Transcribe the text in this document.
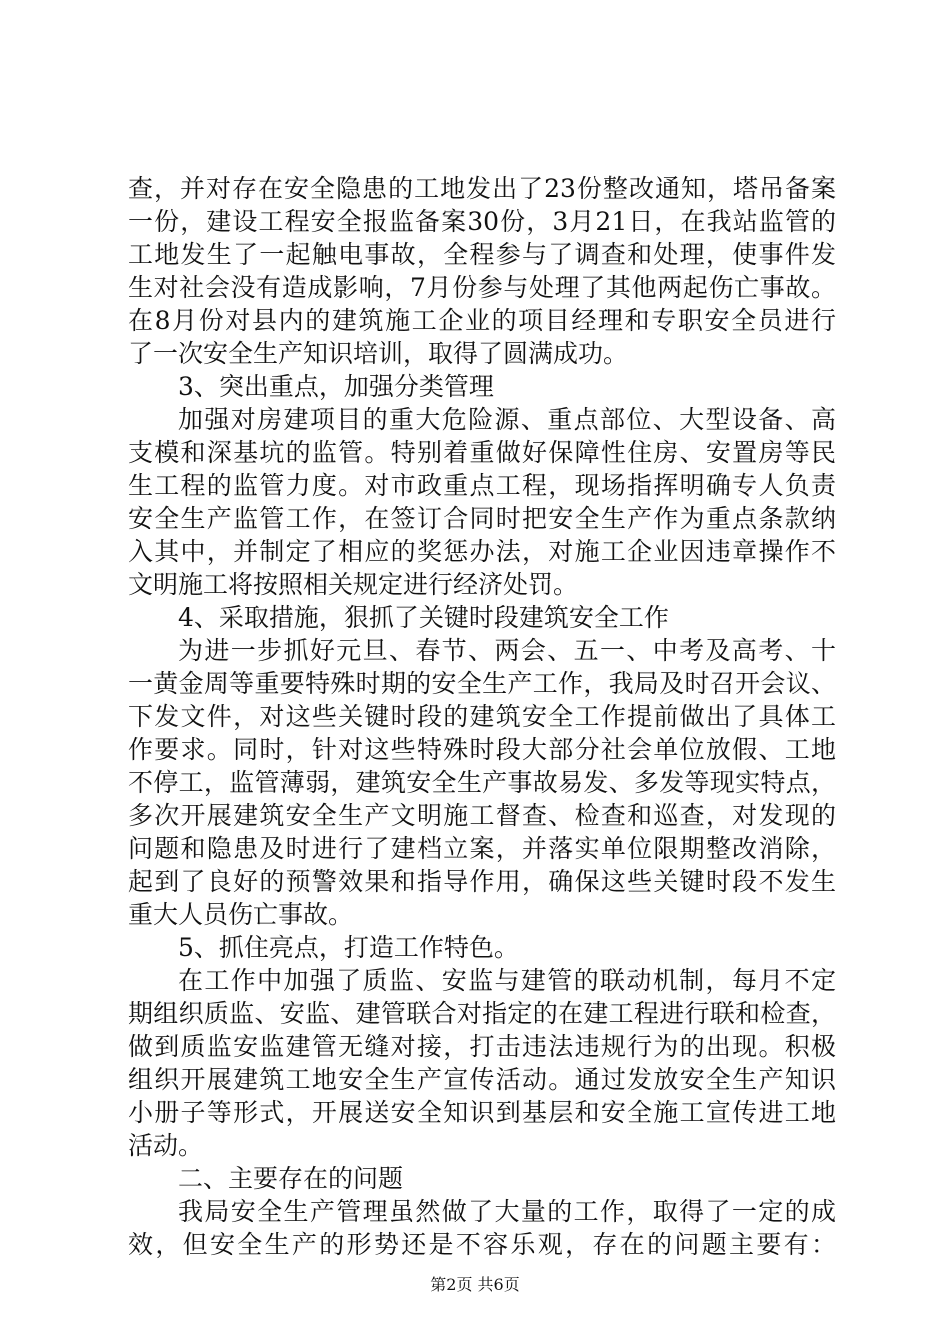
查，并对存在安全隐患的工地发出了23份整改通知，塔吊备案
一份，建设工程安全报监备案30份，3月21日，在我站监管的
工地发生了一起触电事故，全程参与了调查和处理，使事件发
生对社会没有造成影响，7月份参与处理了其他两起伤亡事故。
在8月份对县内的建筑施工企业的项目经理和专职安全员进行
了一次安全生产知识培训，取得了圆满成功。
3、突出重点，加强分类管理
加强对房建项目的重大危险源、重点部位、大型设备、高
支模和深基坑的监管。特别着重做好保障性住房、安置房等民
生工程的监管力度。对市政重点工程，现场指挥明确专人负责
安全生产监管工作，在签订合同时把安全生产作为重点条款纳
入其中，并制定了相应的奖惩办法，对施工企业因违章操作不
文明施工将按照相关规定进行经济处罚。
4、采取措施，狠抓了关键时段建筑安全工作
为进一步抓好元旦、春节、两会、五一、中考及高考、十
一黄金周等重要特殊时期的安全生产工作，我局及时召开会议、
下发文件，对这些关键时段的建筑安全工作提前做出了具体工
作要求。同时，针对这些特殊时段大部分社会单位放假、工地
不停工，监管薄弱，建筑安全生产事故易发、多发等现实特点，
多次开展建筑安全生产文明施工督查、检查和巡查，对发现的
问题和隐患及时进行了建档立案，并落实单位限期整改消除，
起到了良好的预警效果和指导作用，确保这些关键时段不发生
重大人员伤亡事故。
5、抓住亮点，打造工作特色。
在工作中加强了质监、安监与建管的联动机制，每月不定
期组织质监、安监、建管联合对指定的在建工程进行联和检查，
做到质监安监建管无缝对接，打击违法违规行为的出现。积极
组织开展建筑工地安全生产宣传活动。通过发放安全生产知识
小册子等形式，开展送安全知识到基层和安全施工宣传进工地
活动。
二、主要存在的问题
我局安全生产管理虽然做了大量的工作，取得了一定的成
效，但安全生产的形势还是不容乐观，存在的问题主要有：
第2页 共6页
